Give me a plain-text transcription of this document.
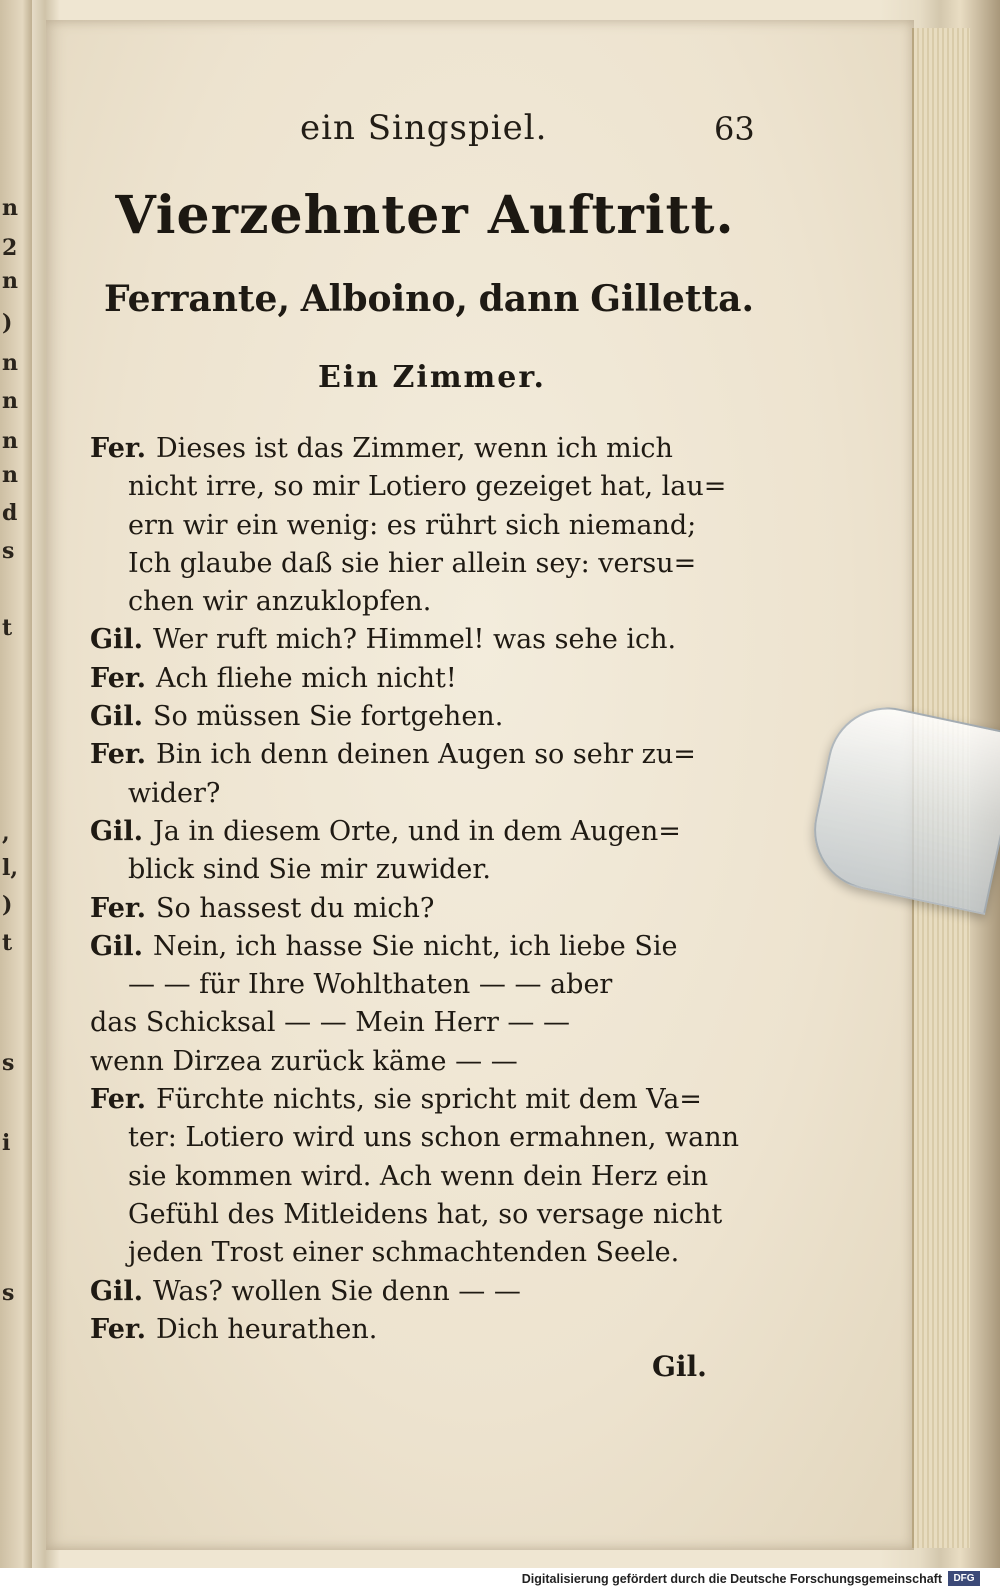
n
2
n
)
n
n
n
n
d
s
t
,
l,
)
t
s
i
s
ein Singspiel.	63
Vierzehnter Auftritt.
Ferrante, Alboino, dann Gilletta.
Ein Zimmer.
Fer. Dieses ist das Zimmer, wenn ich mich
nicht irre, so mir Lotiero gezeiget hat, lau=
ern wir ein wenig: es rührt sich niemand;
Ich glaube daß sie hier allein sey: versu=
chen wir anzuklopfen.
Gil. Wer ruft mich? Himmel! was sehe ich.
Fer. Ach fliehe mich nicht!
Gil. So müssen Sie fortgehen.
Fer. Bin ich denn deinen Augen so sehr zu=
wider?
Gil. Ja in diesem Orte, und in dem Augen=
blick sind Sie mir zuwider.
Fer. So hassest du mich?
Gil. Nein, ich hasse Sie nicht, ich liebe Sie
— — für Ihre Wohlthaten — — aber
das Schicksal — — Mein Herr — —
wenn Dirzea zurück käme — —
Fer. Fürchte nichts, sie spricht mit dem Va=
ter: Lotiero wird uns schon ermahnen, wann
sie kommen wird. Ach wenn dein Herz ein
Gefühl des Mitleidens hat, so versage nicht
jeden Trost einer schmachtenden Seele.
Gil. Was? wollen Sie denn — —
Fer. Dich heurathen.
Gil.
Digitalisierung gefördert durch die Deutsche Forschungsgemeinschaft	DFG
